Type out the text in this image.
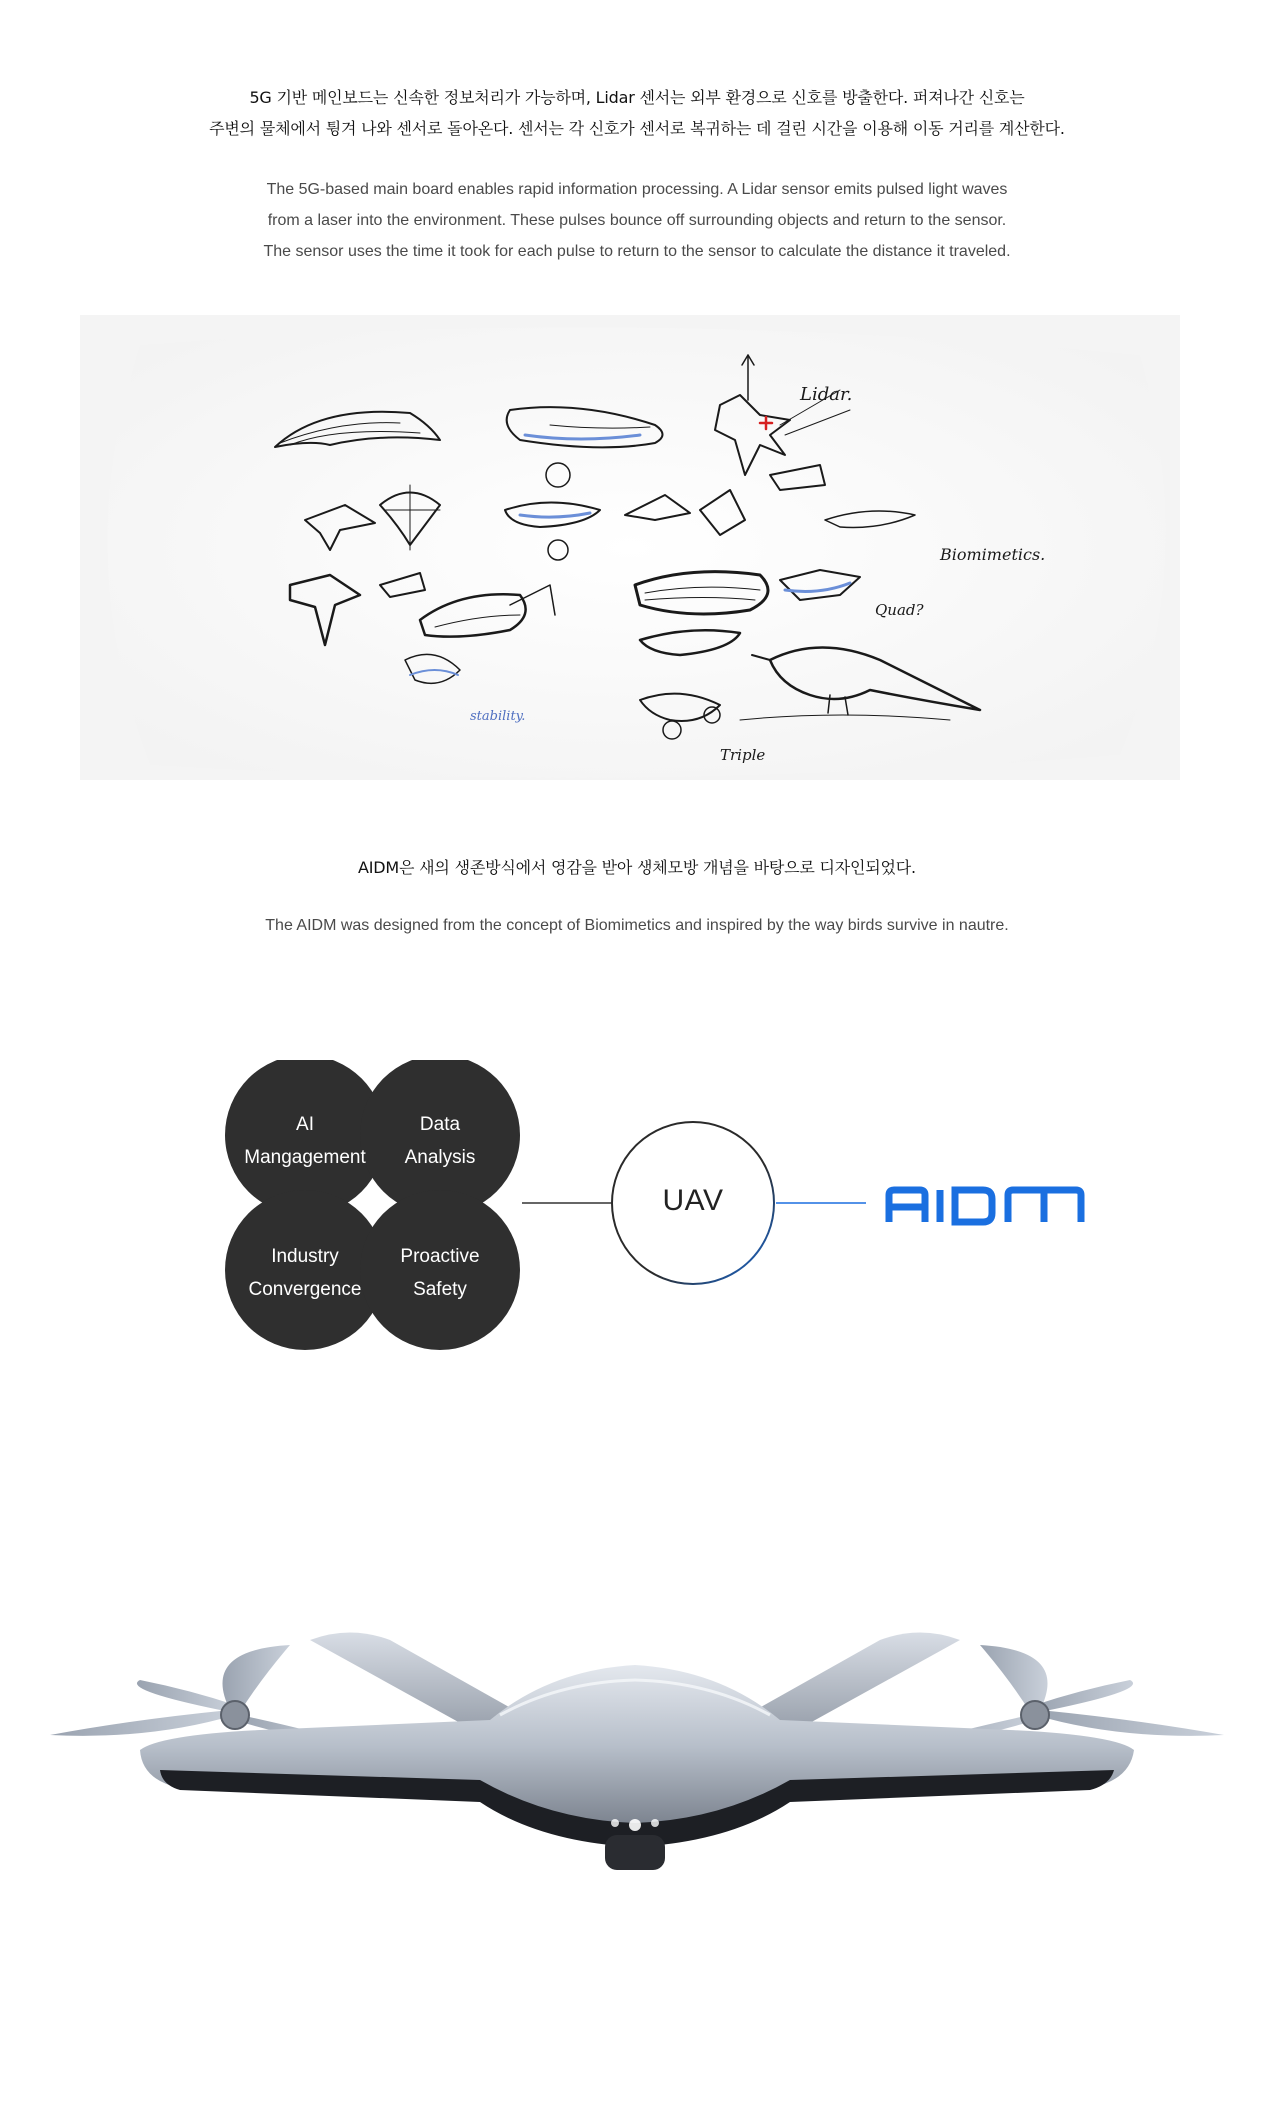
5G 기반 메인보드는 신속한 정보처리가 가능하며, Lidar 센서는 외부 환경으로 신호를 방출한다. 퍼져나간 신호는
주변의 물체에서 튕겨 나와 센서로 돌아온다. 센서는 각 신호가 센서로 복귀하는 데 걸린 시간을 이용해 이동 거리를 계산한다.
The 5G-based main board enables rapid information processing. A Lidar sensor emits pulsed light waves
from a laser into the environment. These pulses bounce off surrounding objects and return to the sensor.
The sensor uses the time it took for each pulse to return to the sensor to calculate the distance it traveled.
Lidar.
Biomimetics.
Quad?
stability.
Triple
AIDM은 새의 생존방식에서 영감을 받아 생체모방 개념을 바탕으로 디자인되었다.
The AIDM was designed from the concept of Biomimetics and inspired by the way birds survive in nautre.
AI
Mangagement
Data
Analysis
Industry
Convergence
Proactive
Safety
UAV
